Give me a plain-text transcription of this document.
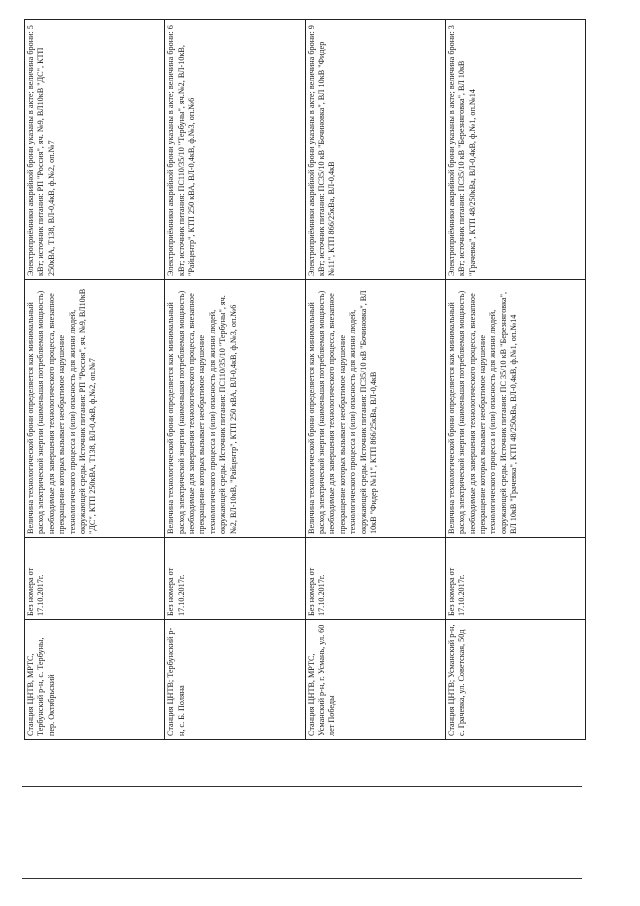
Станция ЦНТВ, МРТС, Тербунский р-н, с. Тербуны, пер. Октябрьский	Без номера от 17.10.2017г.	Величина технологической брони определяется как минимальный расход электрической энергии (наименьшая потребляемая мощность) необходимые для завершения технологического процесса, внезапное прекращение которых вызывает необратимое нарушение технологического процесса и (или) опасность для жизни людей, окружающей среды. Источник питания: РП "Россия", яч. №9, ВЛ10кВ "ДС", КТП 250кВА, Т138, ВЛ-0,4кВ, ф.№2, оп.№7	Электроприёмники аварийной брони указаны в акте; величина брони: 5 кВт; источник питания: РП "Россия", яч. №9, ВЛ10кВ "ДС", КТП 250кВА, Т138, ВЛ-0,4кВ, ф.№2, оп.№7
Станция ЦНТВ; Тербунский р-н, с. Б. Поляна	Без номера от 17.10.2017г.	Величина технологической брони определяется как минимальный расход электрической энергии (наименьшая потребляемая мощность) необходимые для завершения технологического процесса, внезапное прекращение которых вызывает необратимое нарушение технологического процесса и (или) опасность для жизни людей, окружающей среды. Источник питания: ПС110/35/10 "Тербуны", яч.№2, ВЛ-10кВ, "Райцентр", КТП 250 кВА, ВЛ-0,4кВ, ф.№3, оп.№6	Электроприёмники аварийной брони указаны в акте; величина брони: 6 кВт; источник питания: ПС110/35/10 "Тербуны", яч.№2, ВЛ-10кВ, "Райцентр", КТП 250 кВА, ВЛ-0,4кВ, ф.№3, оп.№6
Станция ЦНТВ, МРТС, Усманский р-н, г. Усмань, ул. 60 лет Победы	Без номера от 17.10.2017г.	Величина технологической брони определяется как минимальный расход электрической энергии (наименьшая потребляемая мощность) необходимые для завершения технологического процесса, внезапное прекращение которых вызывает необратимое нарушение технологического процесса и (или) опасность для жизни людей, окружающей среды. Источник питания: ПС35/10 кВ "Бочиновка", ВЛ 10кВ "Фидер №11", КТП 866/25кВа, ВЛ-0,4кВ	Электроприёмники аварийной брони указаны в акте; величина брони: 9 кВт; источник питания: ПС35/10 кВ "Бочиновка", ВЛ 10кВ "Фидер №11", КТП 866/25кВа, ВЛ-0,4кВ
Станция ЦНТВ; Усманский р-н, с. Грачевка, ул. Советская, 50д	Без номера от 17.10.2017г.	Величина технологической брони определяется как минимальный расход электрической энергии (наименьшая потребляемая мощность) необходимые для завершения технологического процесса, внезапное прекращение которых вызывает необратимое нарушение технологического процесса и (или) опасность для жизни людей, окружающей среды. Источник питания: ПС 35/10 кВ "Березняговка", ВЛ 10кВ "Грачевка", КТП 48/250кВа, ВЛ-0,4кВ, ф.№1, оп.№14	Электроприёмники аварийной брони указаны в акте; величина брони: 3 кВт; источник питания: ПС35/10 кВ "Березняговка", ВЛ 10кВ "Грачевка", КТП 48/250кВа, ВЛ-0,4кВ, ф.№1, оп.№14
